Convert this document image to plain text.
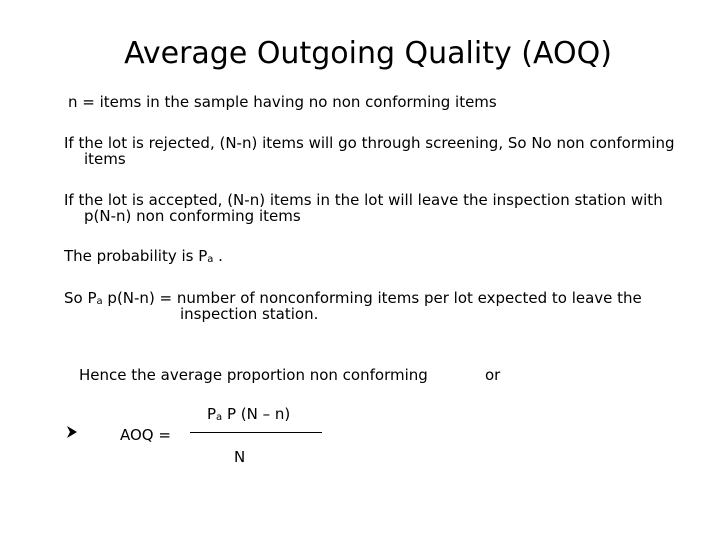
Average Outgoing Quality (AOQ)
n = items in the sample having no non conforming items
If the lot is rejected, (N-n) items will go through screening, So No non conforming
items
If the lot is accepted, (N-n) items in the lot will leave the inspection station with
p(N-n) non conforming items
The probability is Pa .
So Pa p(N-n) = number of nonconforming items per lot expected to leave the
inspection station.
Hence the average proportion non conforming	or
AOQ =
Pa P (N – n)
N
